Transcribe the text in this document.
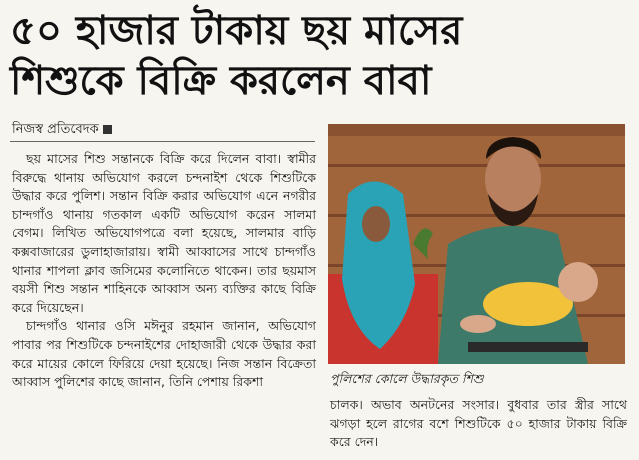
৫০ হাজার টাকায় ছয় মাসের
শিশুকে বিক্রি করলেন বাবা
নিজস্ব প্রতিবেদক

ছয় মাসের শিশু সন্তানকে বিক্রি করে দিলেন বাবা। স্বামীর বিরুদ্ধে থানায় অভিযোগ করলে চন্দনাইশ থেকে শিশুটিকে উদ্ধার করে পুলিশ। সন্তান বিক্রি করার অভিযোগ এনে নগরীর চান্দগাঁও থানায় গতকাল একটি অভিযোগ করেন সালমা বেগম। লিখিত অভিযোগপত্রে বলা হয়েছে, সালমার বাড়ি কক্সবাজারের ডুলাহাজারায়। স্বামী আব্বাসের সাথে চান্দগাঁও থানার শাপলা ক্লাব জসিমের কলোনিতে থাকেন। তার ছয়মাস বয়সী শিশু সন্তান শাহিনকে আব্বাস অন্য ব্যক্তির কাছে বিক্রি করে দিয়েছেন।

চান্দগাঁও থানার ওসি মঈনুর রহমান জানান, অভিযোগ পাবার পর শিশুটিকে চন্দনাইশের দোহাজারী থেকে উদ্ধার করা করে মায়ের কোলে ফিরিয়ে দেয়া হয়েছে। নিজ সন্তান বিক্রেতা আব্বাস পুলিশের কাছে জানান, তিনি পেশায় রিকশা	পুলিশের কোলে উদ্ধারকৃত শিশু
চালক। অভাব অনটনের সংসার। বুধবার তার স্ত্রীর সাথে ঝগড়া হলে রাগের বশে শিশুটিকে ৫০ হাজার টাকায় বিক্রি করে দেন।
